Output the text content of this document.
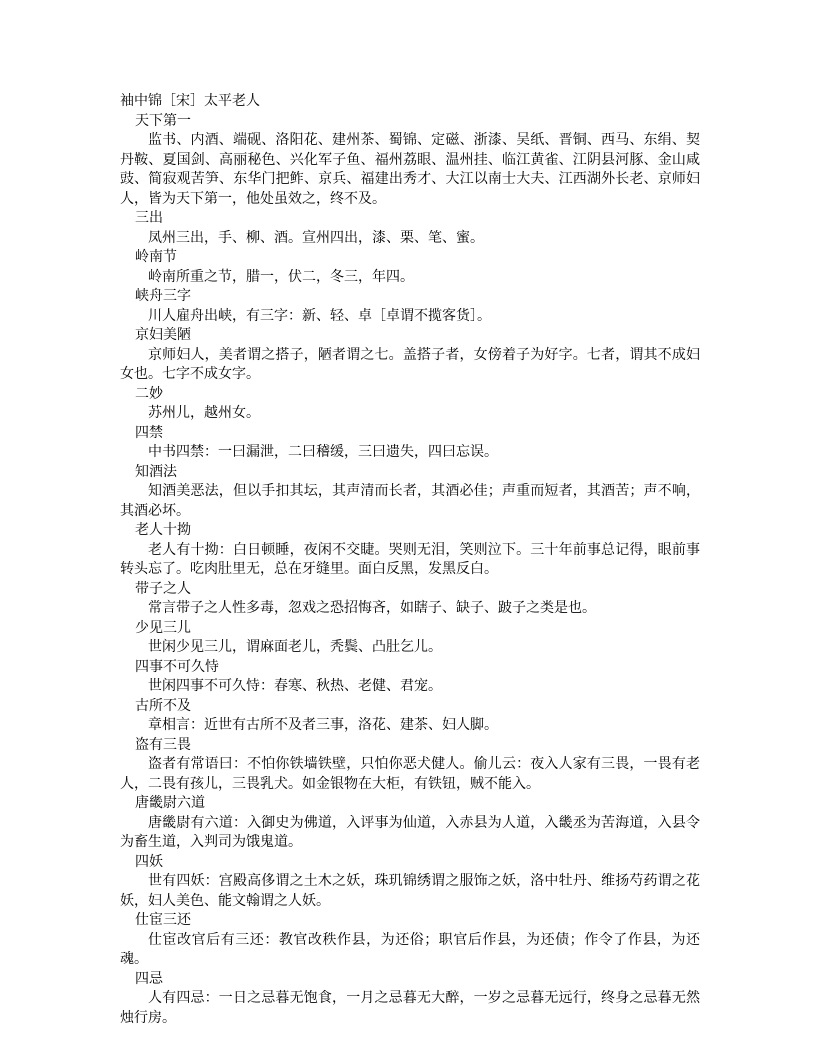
袖中锦［宋］太平老人
天下第一

监书、内酒、端砚、洛阳花、建州茶、蜀锦、定磁、浙漆、吴纸、晋铜、西马、东绢、契丹鞍、夏国剑、高丽秘色、兴化军子鱼、福州荔眼、温州挂、临江黄雀、江阴县河豚、金山咸豉、简寂观苦笋、东华门把鲊、京兵、福建出秀才、大江以南士大夫、江西湖外长老、京师妇人，皆为天下第一，他处虽效之，终不及。

三出

凤州三出，手、柳、酒。宣州四出，漆、栗、笔、蜜。

岭南节

岭南所重之节，腊一，伏二，冬三，年四。

峡舟三字

川人雇舟出峡，有三字：新、轻、卓［卓谓不揽客货］。

京妇美陋

京师妇人，美者谓之搭子，陋者谓之七。盖搭子者，女傍着子为好字。七者，谓其不成妇女也。七字不成女字。

二妙

苏州儿，越州女。

四禁

中书四禁：一曰漏泄，二曰稽缓，三曰遗失，四曰忘误。

知酒法

知酒美恶法，但以手扣其坛，其声清而长者，其酒必佳；声重而短者，其酒苦；声不响，其酒必坏。

老人十拗

老人有十拗：白日顿睡，夜闲不交睫。哭则无泪，笑则泣下。三十年前事总记得，眼前事转头忘了。吃肉肚里无，总在牙缝里。面白反黑，发黑反白。

带子之人

常言带子之人性多毒，忽戏之恐招悔吝，如瞎子、缺子、跛子之类是也。

少见三儿

世闲少见三儿，谓麻面老儿，秃鬓、凸肚乞儿。

四事不可久恃

世闲四事不可久恃：春寒、秋热、老健、君宠。

古所不及

章相言：近世有古所不及者三事，洛花、建茶、妇人脚。

盗有三畏

盗者有常语曰：不怕你铁墙铁壁，只怕你恶犬健人。偷儿云：夜入人家有三畏，一畏有老人，二畏有孩儿，三畏乳犬。如金银物在大柜，有铁钮，贼不能入。

唐畿尉六道

唐畿尉有六道：入御史为佛道，入评事为仙道，入赤县为人道，入畿丞为苦海道，入县令为畜生道，入判司为饿鬼道。

四妖

世有四妖：宫殿高侈谓之土木之妖，珠玑锦绣谓之服饰之妖，洛中牡丹、维扬芍药谓之花妖，妇人美色、能文翰谓之人妖。

仕宦三还

仕宦改官后有三还：教官改秩作县，为还俗；职官后作县，为还债；作令了作县，为还魂。

四忌

人有四忌：一日之忌暮无饱食，一月之忌暮无大醉，一岁之忌暮无远行，终身之忌暮无然烛行房。
